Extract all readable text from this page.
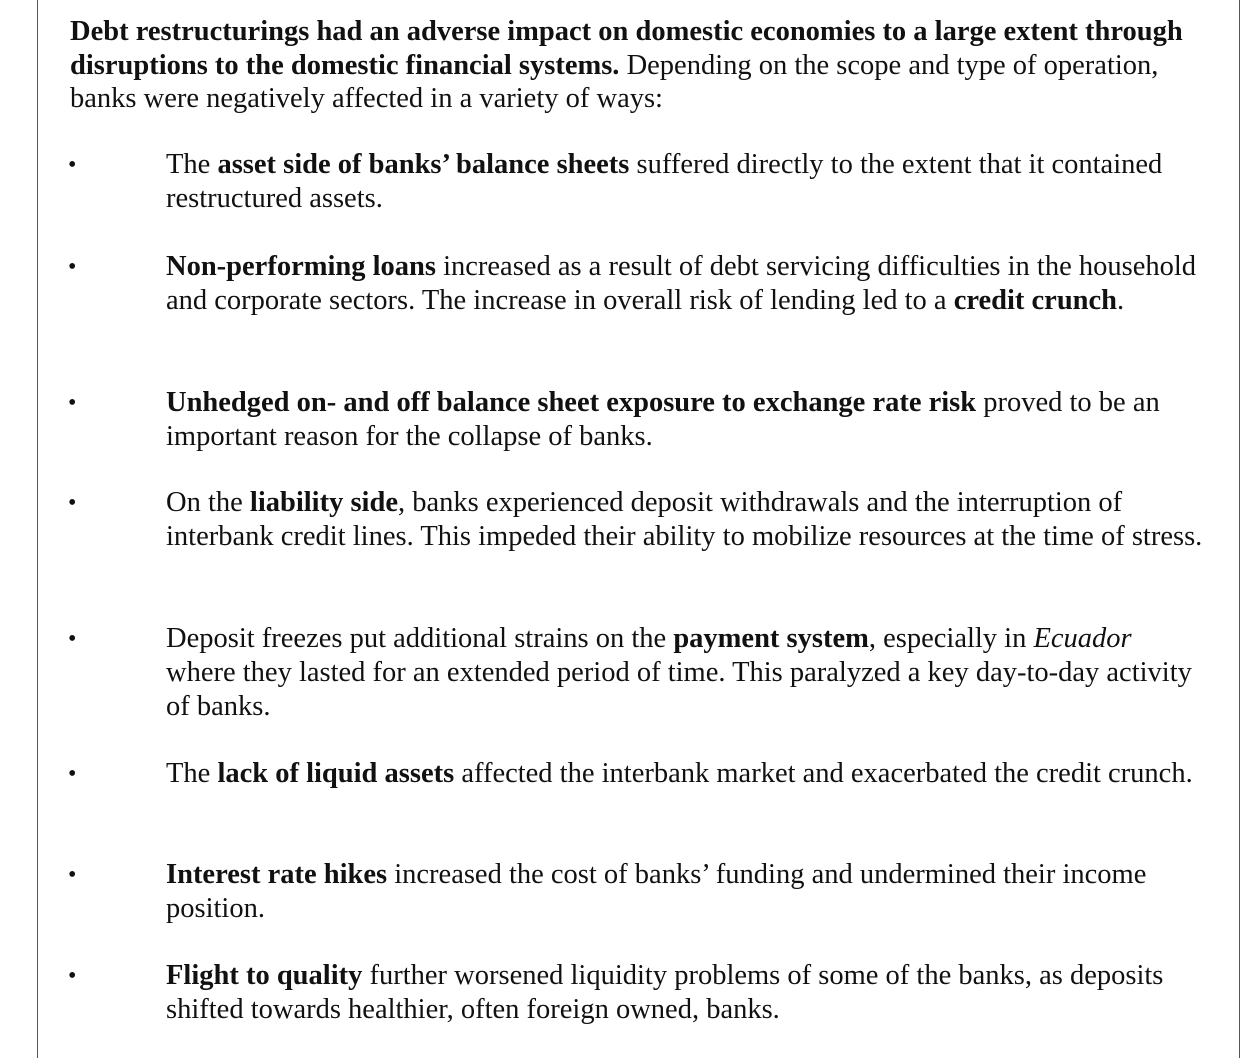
Debt restructurings had an adverse impact on domestic economies to a large extent through disruptions to the domestic financial systems. Depending on the scope and type of operation, banks were negatively affected in a variety of ways:

•	The asset side of banks’ balance sheets suffered directly to the extent that it contained restructured assets.
•	Non-performing loans increased as a result of debt servicing difficulties in the household and corporate sectors. The increase in overall risk of lending led to a credit crunch.
•	Unhedged on- and off balance sheet exposure to exchange rate risk proved to be an important reason for the collapse of banks.
•	On the liability side, banks experienced deposit withdrawals and the interruption of interbank credit lines. This impeded their ability to mobilize resources at the time of stress.
•	Deposit freezes put additional strains on the payment system, especially in Ecuador where they lasted for an extended period of time. This paralyzed a key day-to-day activity of banks.
•	The lack of liquid assets affected the interbank market and exacerbated the credit crunch.
•	Interest rate hikes increased the cost of banks’ funding and undermined their income position.
•	Flight to quality further worsened liquidity problems of some of the banks, as deposits shifted towards healthier, often foreign owned, banks.
